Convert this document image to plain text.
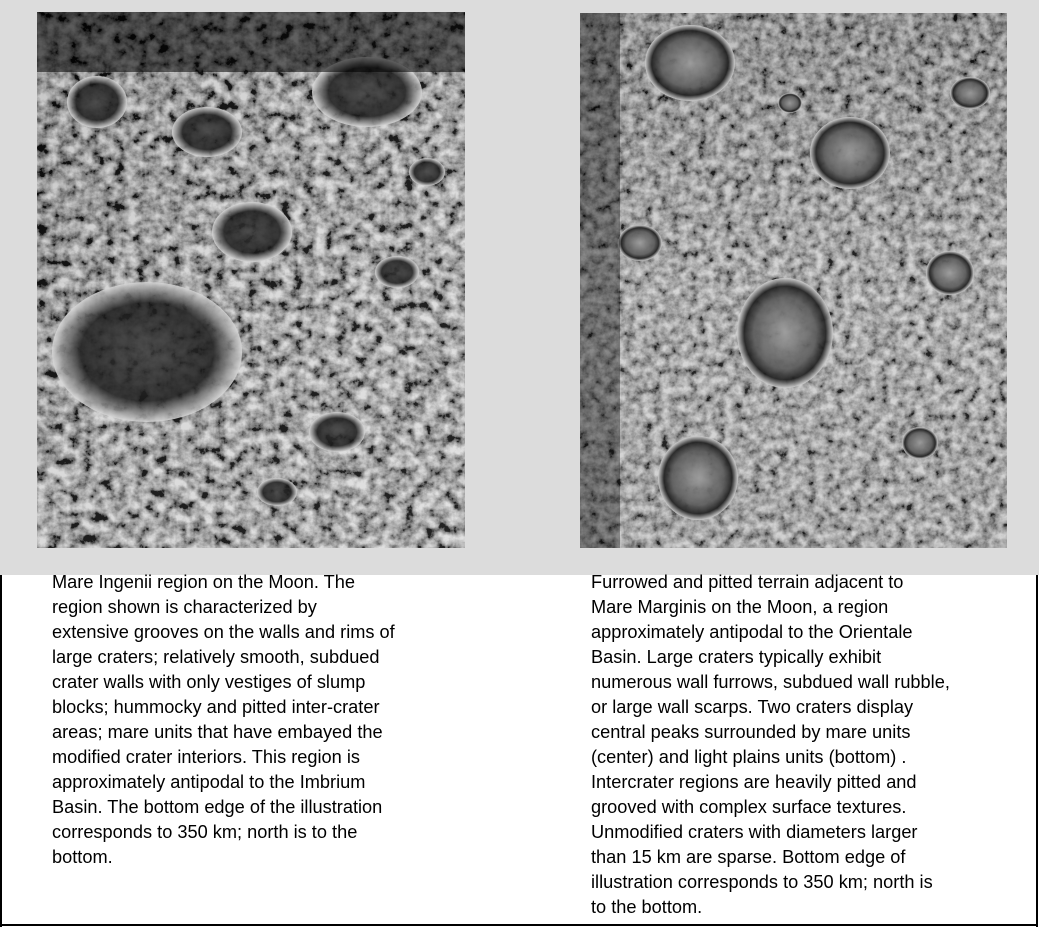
Mare Ingenii region on the Moon. The
region shown is characterized by
extensive grooves on the walls and rims of
large craters; relatively smooth, subdued
crater walls with only vestiges of slump
blocks; hummocky and pitted inter-crater
areas; mare units that have embayed the
modified crater interiors. This region is
approximately antipodal to the Imbrium
Basin. The bottom edge of the illustration
corresponds to 350 km; north is to the
bottom.

Furrowed and pitted terrain adjacent to
Mare Marginis on the Moon, a region
approximately antipodal to the Orientale
Basin. Large craters typically exhibit
numerous wall furrows, subdued wall rubble,
or large wall scarps. Two craters display
central peaks surrounded by mare units
(center) and light plains units (bottom) .
Intercrater regions are heavily pitted and
grooved with complex surface textures.
Unmodified craters with diameters larger
than 15 km are sparse. Bottom edge of
illustration corresponds to 350 km; north is
to the bottom.
